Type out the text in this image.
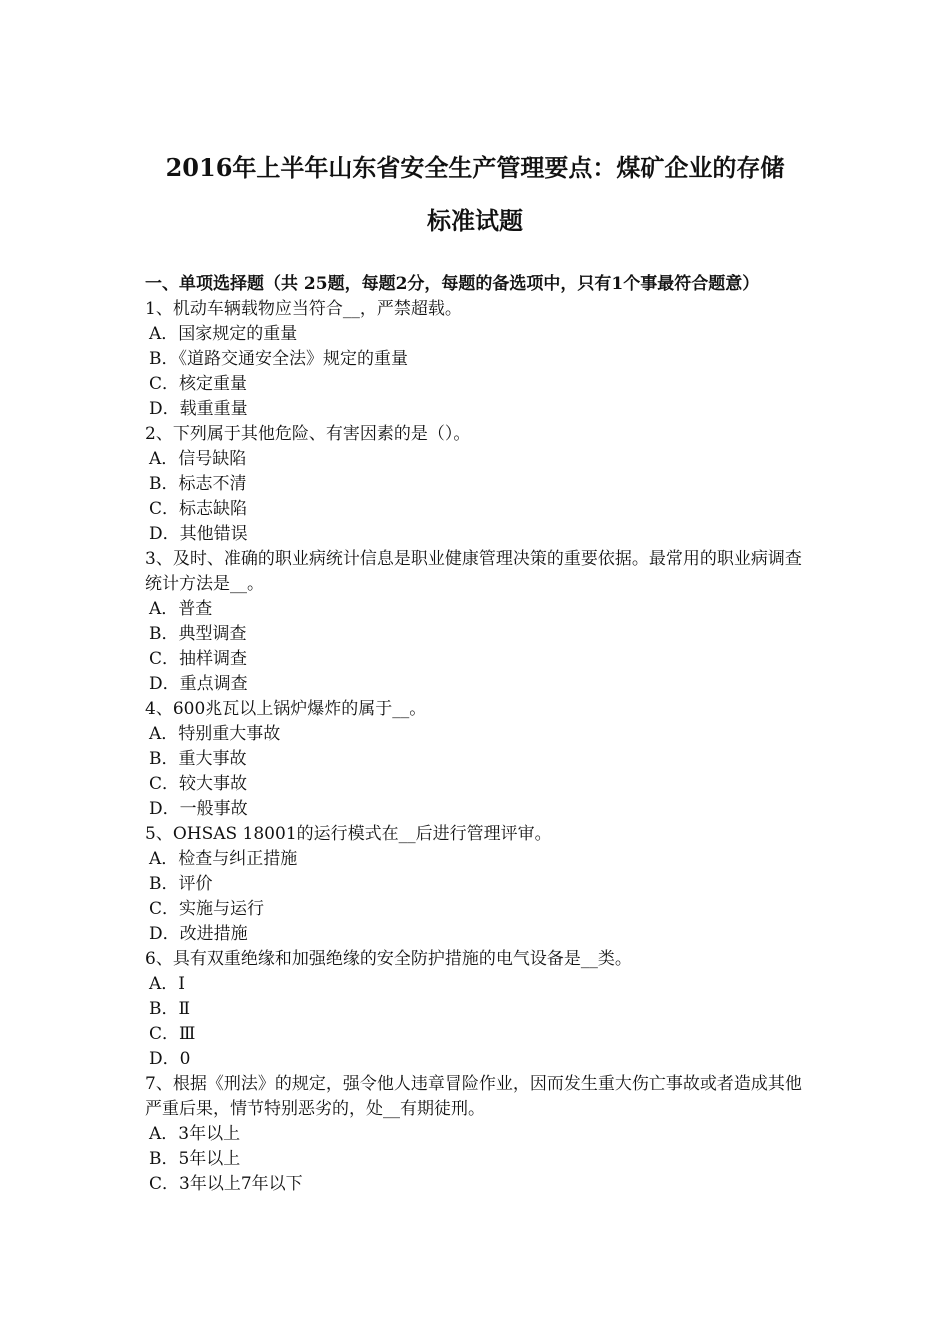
2016年上半年山东省安全生产管理要点：煤矿企业的存储
标准试题

一、单项选择题（共 25题，每题2分，每题的备选项中，只有1个事最符合题意）

1、机动车辆载物应当符合__，严禁超载。

A．国家规定的重量
B．《道路交通安全法》规定的重量
C．核定重量
D．载重重量

2、下列属于其他危险、有害因素的是（）。

A．信号缺陷
B．标志不清
C．标志缺陷
D．其他错误

3、及时、准确的职业病统计信息是职业健康管理决策的重要依据。最常用的职业病调查统计方法是__。

A．普查
B．典型调查
C．抽样调查
D．重点调查

4、600兆瓦以上锅炉爆炸的属于__。

A．特别重大事故
B．重大事故
C．较大事故
D．一般事故

5、OHSAS 18001的运行模式在__后进行管理评审。

A．检查与纠正措施
B．评价
C．实施与运行
D．改进措施

6、具有双重绝缘和加强绝缘的安全防护措施的电气设备是__类。

A．Ⅰ
B．Ⅱ
C．Ⅲ
D．0

7、根据《刑法》的规定，强令他人违章冒险作业，因而发生重大伤亡事故或者造成其他严重后果，情节特别恶劣的，处__有期徒刑。

A．3年以上
B．5年以上
C．3年以上7年以下
